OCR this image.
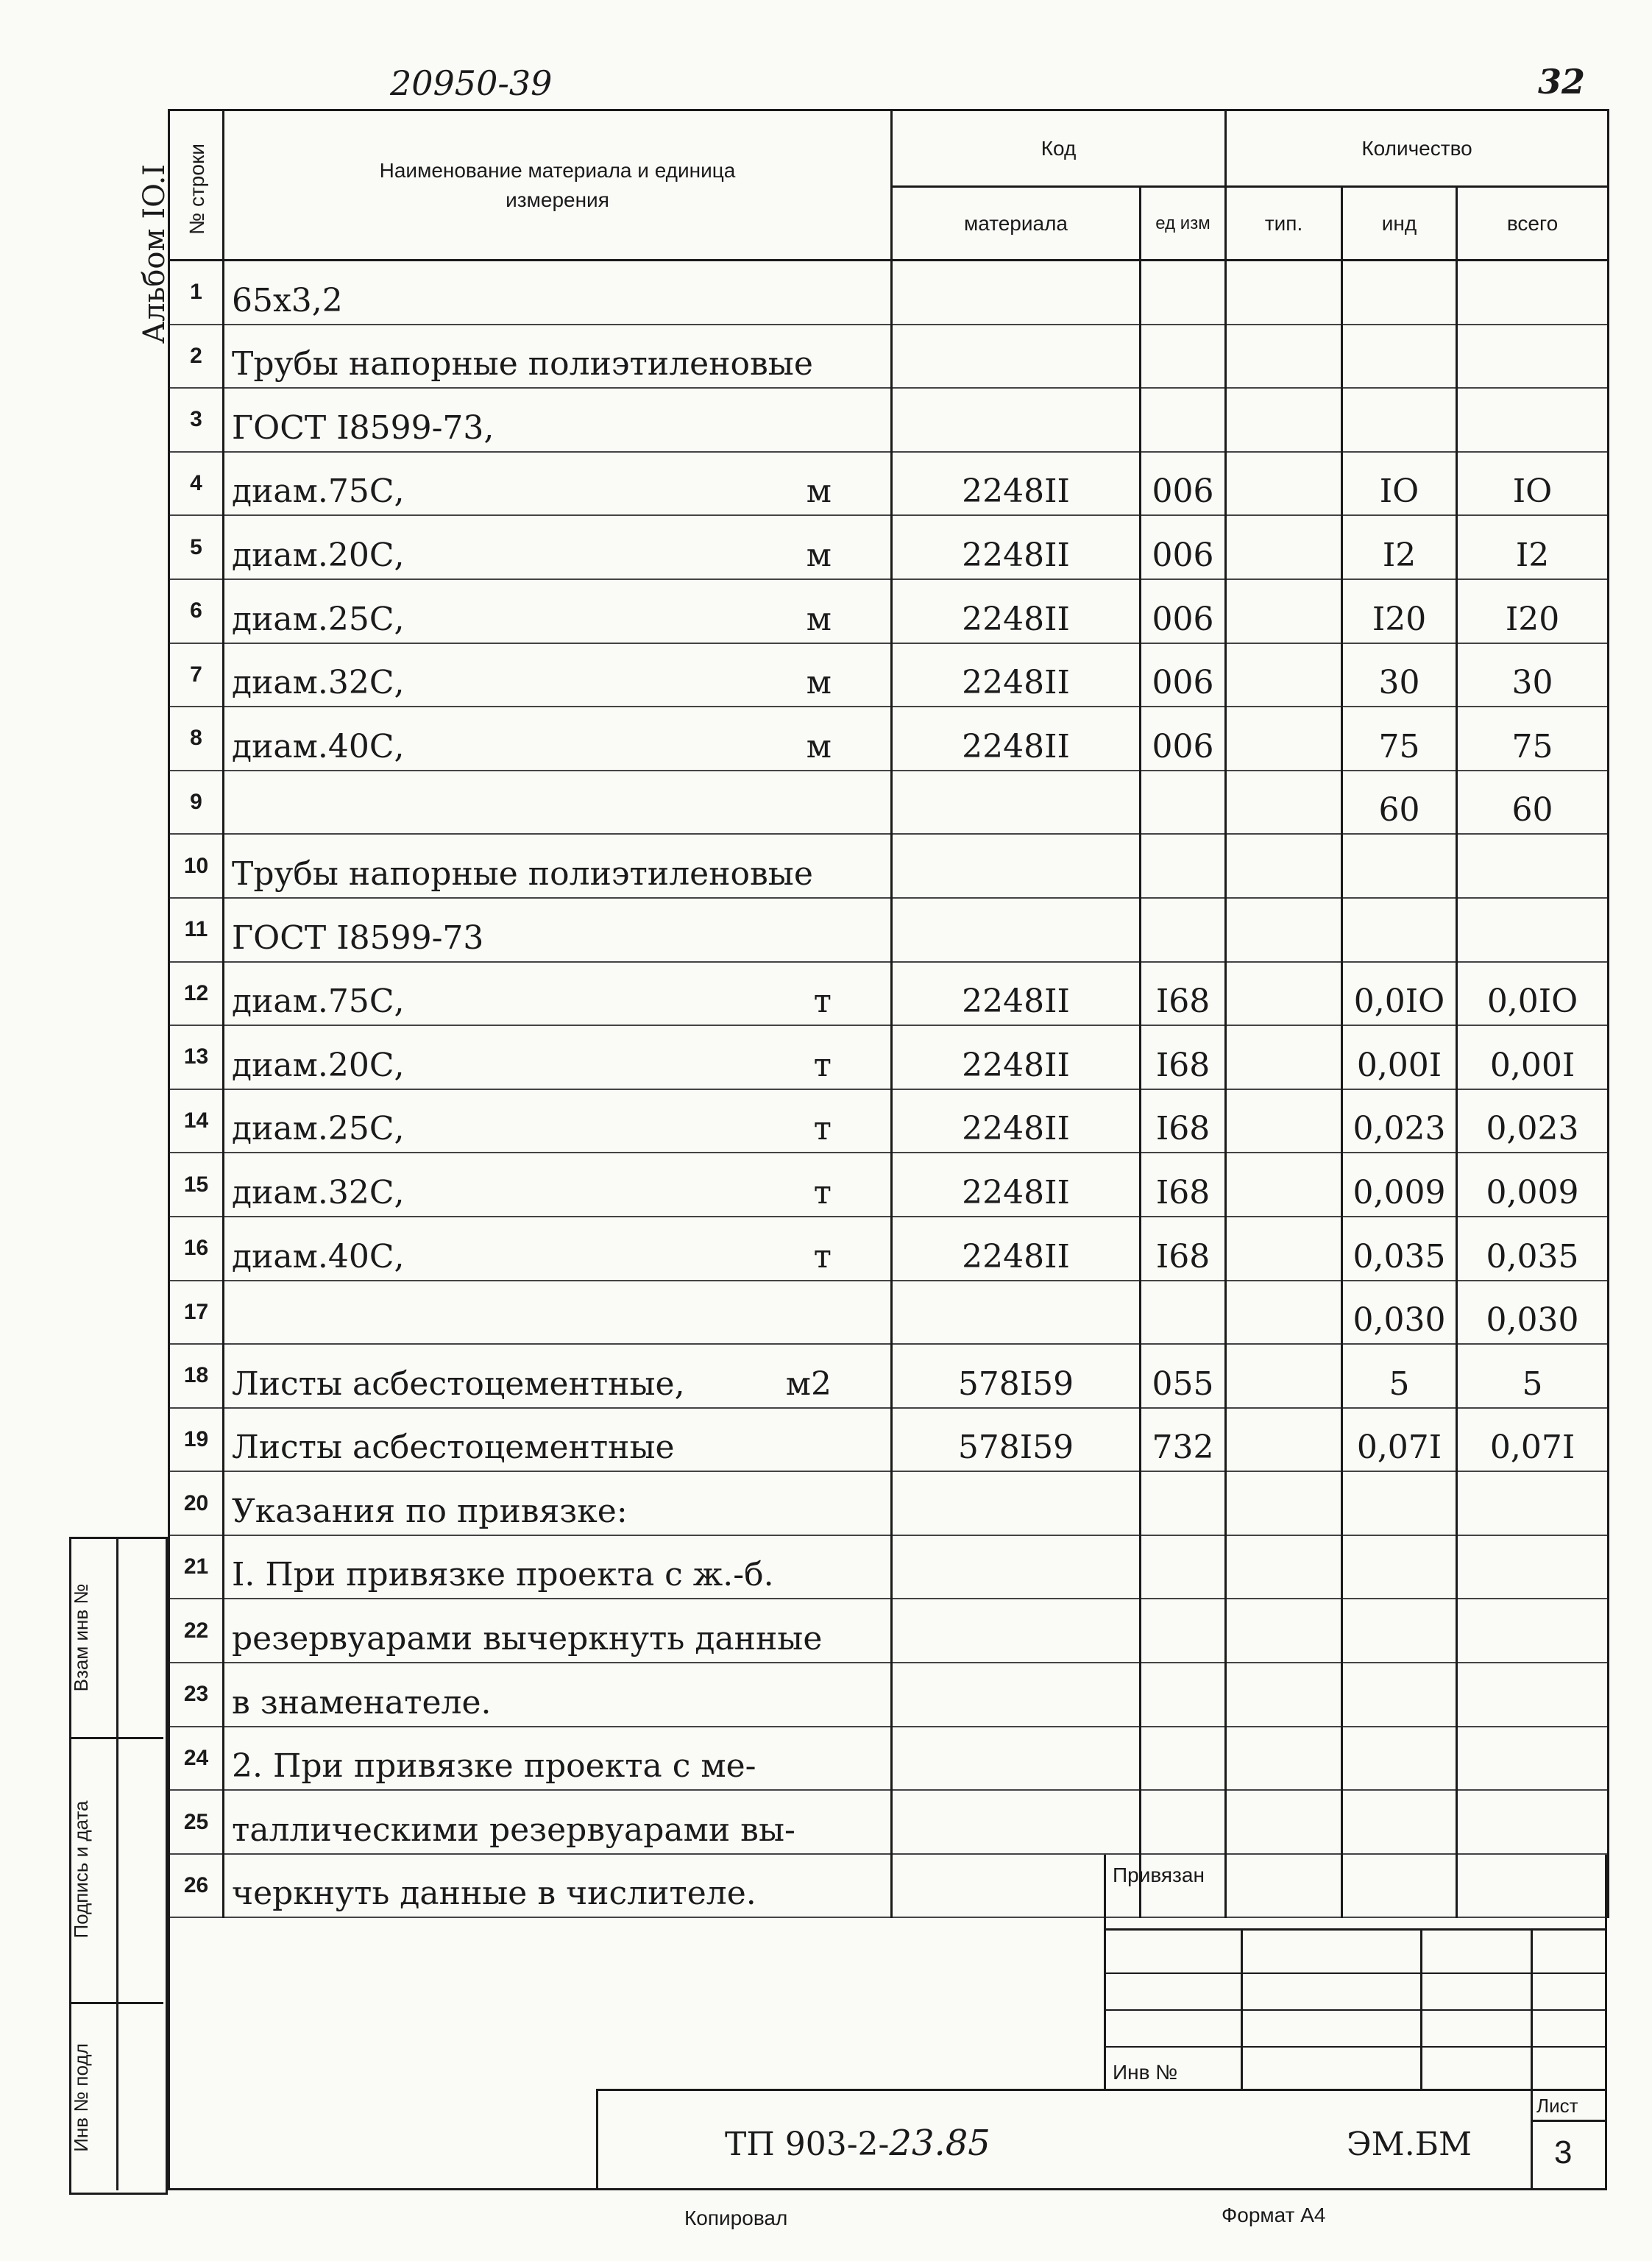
20950-39	32
Альбом IO.I № строки	Наименование материала и единица измерения	Код		Количество		
		материала	ед изм	тип.	инд	всего
1	65x3,2

2	Трубы напорные полиэтиленовые

3	ГОСТ I8599-73,

4	диам.75С, м	2248II	006		IO	IO
5	диам.20С, м	2248II	006		I2	I2
6	диам.25С, м	2248II	006		I20	I20
7	диам.32С, м	2248II	006		30	30
8	диам.40С, м	2248II	006		75	75
9					60	60
10	Трубы напорные полиэтиленовые

11	ГОСТ I8599-73

12	диам.75С, т	2248II	I68		0,0IO	0,0IO
13	диам.20С, т	2248II	I68		0,00I	0,00I
14	диам.25С, т	2248II	I68		0,023	0,023
15	диам.32С, т	2248II	I68		0,009	0,009
16	диам.40С, т	2248II	I68		0,035	0,035
17					0,030	0,030
18	Листы асбестоцементные, м2	578I59	055		5	5
19	Листы асбестоцементные	578I59	732		0,07I	0,07I
20	Указания по привязке:

21	I. При привязке проекта с ж.-б.

22	резервуарами вычеркнуть данные

23	в знаменателе.

24	2. При привязке проекта с ме-

25	таллическими резервуарами вы-

26	черкнуть данные в числителе.

Взам инв №
Подпись и дата
Инв № подл
Привязан
Инв №
ТП 903-2-23.85	ЭМ.БМ
Лист
3
Копировал	Формат А4
